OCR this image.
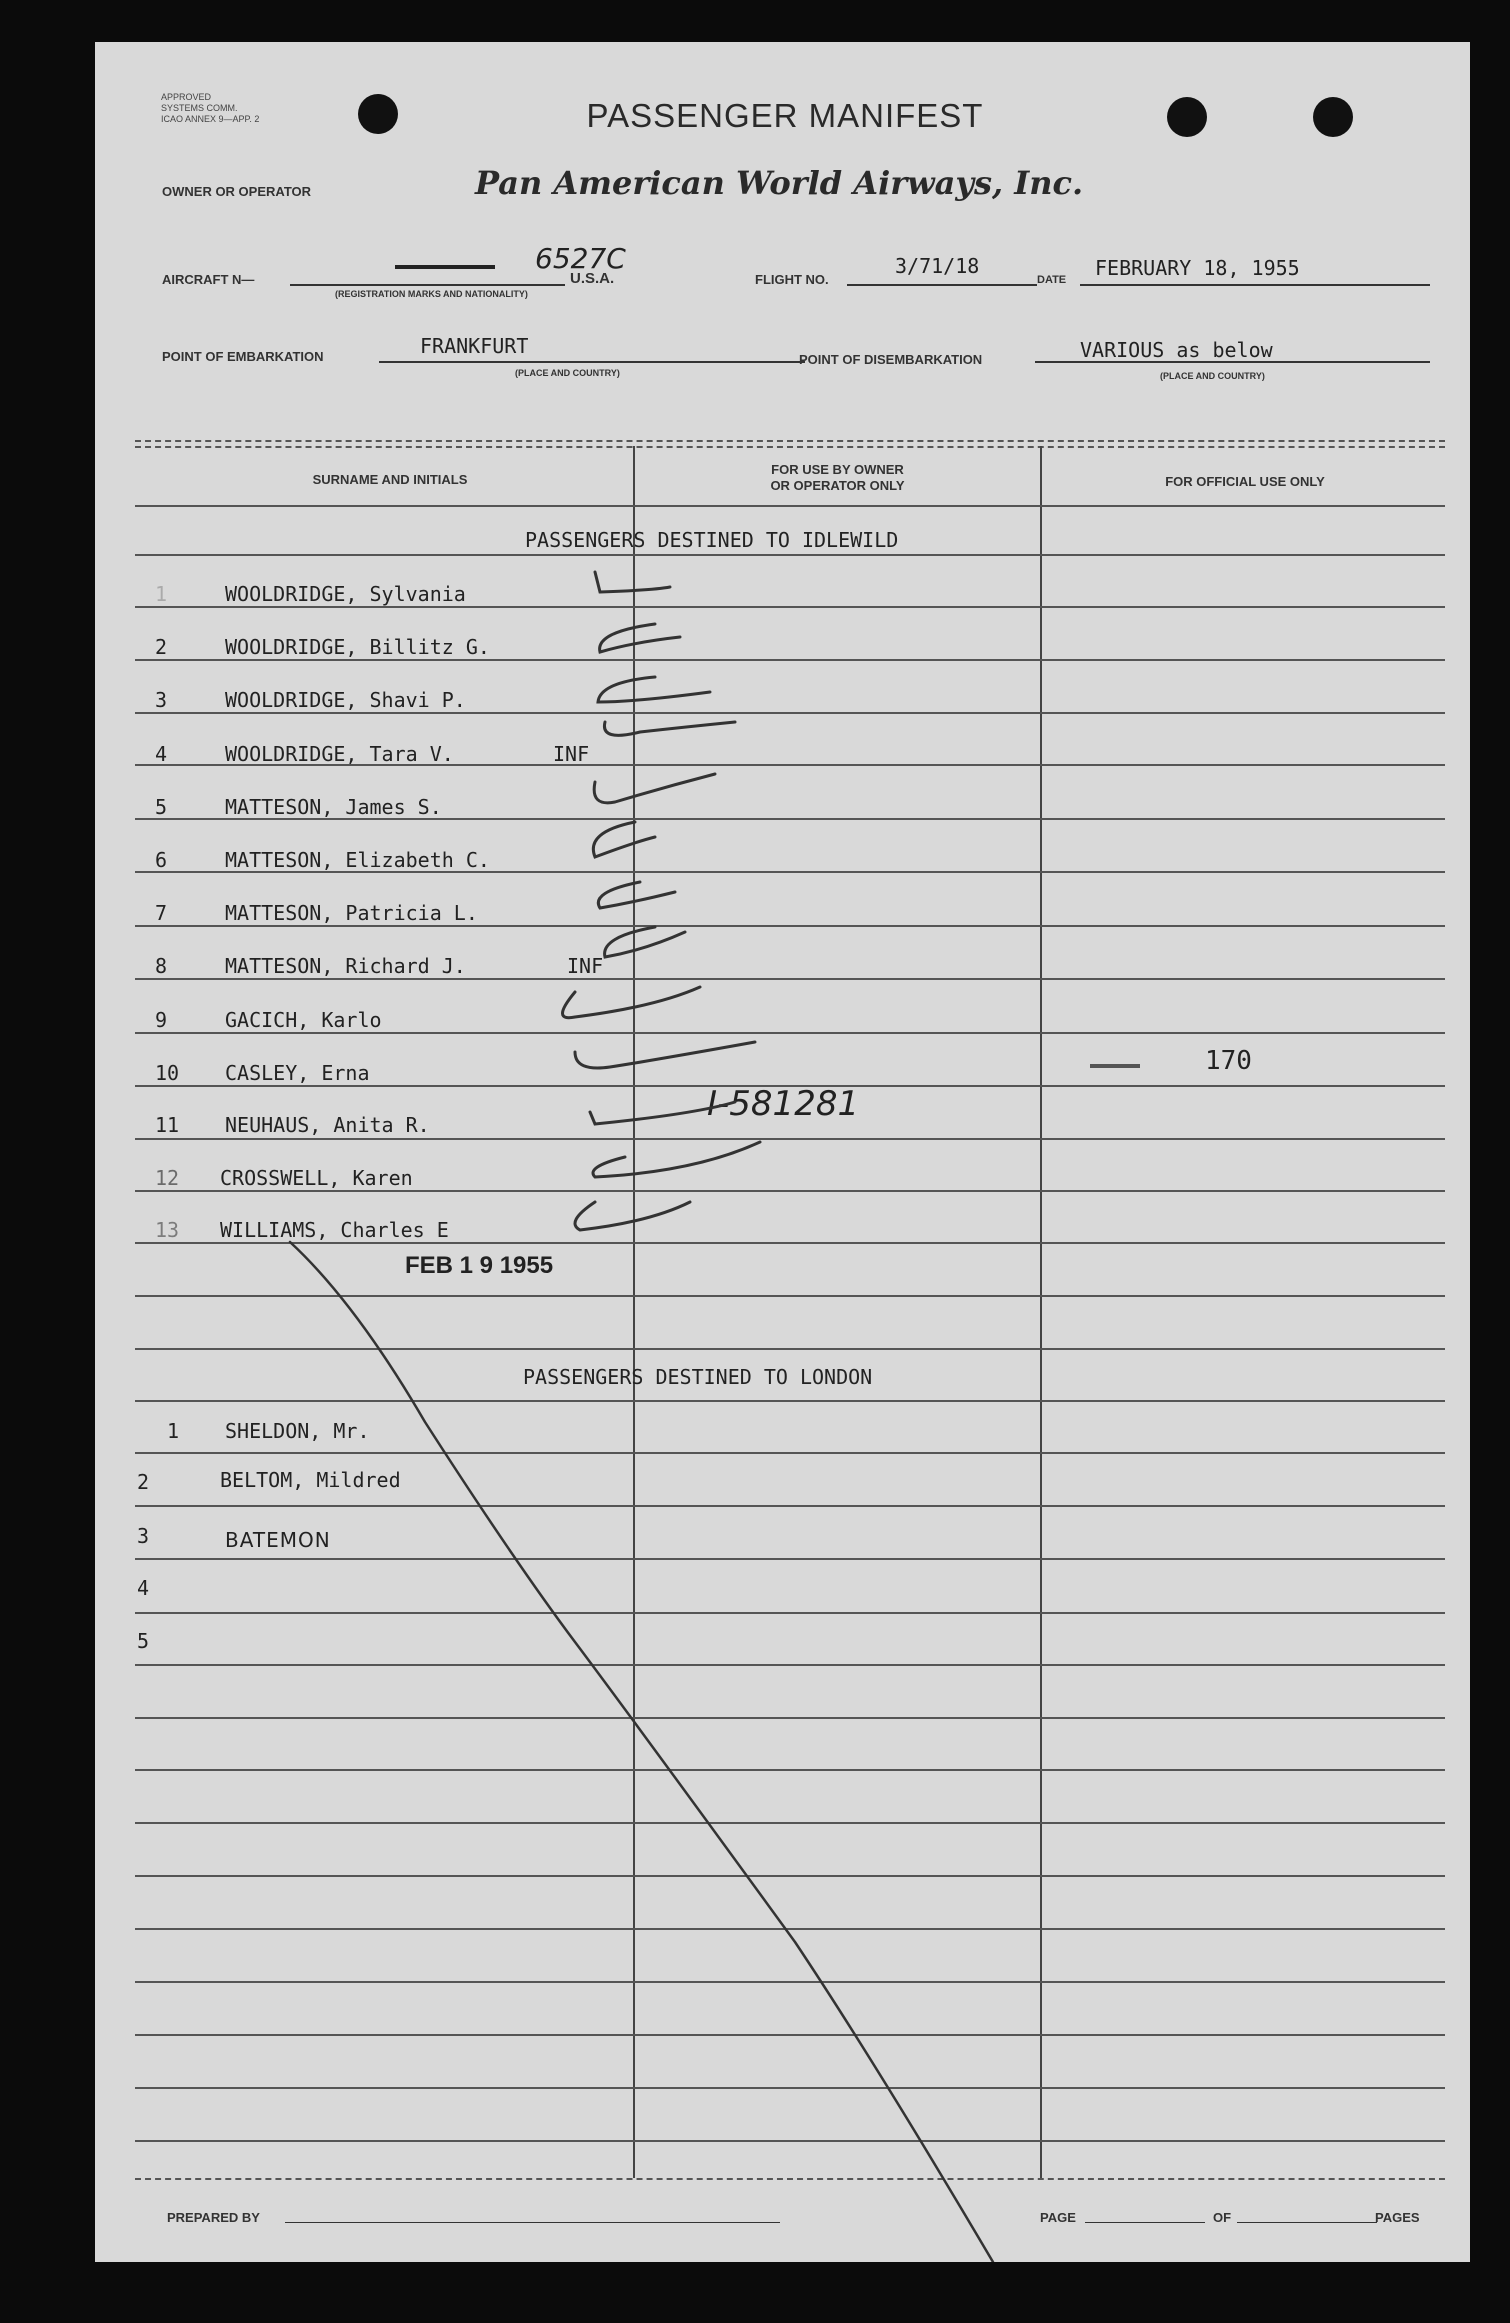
APPROVED
SYSTEMS COMM.
ICAO ANNEX 9—APP. 2	PASSENGER MANIFEST
OWNER OR OPERATOR	Pan American World Airways, Inc.
AIRCRAFT N—
6527C
(REGISTRATION MARKS AND NATIONALITY)
U.S.A.	FLIGHT NO.
3/71/18
DATE FEBRUARY 18, 1955
POINT OF EMBARKATION	FRANKFURT
(PLACE AND COUNTRY)
POINT OF DISEMBARKATION	VARIOUS as below
(PLACE AND COUNTRY)
SURNAME AND INITIALS
FOR USE BY OWNER
OR OPERATOR ONLY	FOR OFFICIAL USE ONLY
PASSENGERS DESTINED TO IDLEWILD
1	WOOLDRIDGE, Sylvania
2	WOOLDRIDGE, Billitz G.
3	WOOLDRIDGE, Shavi P.
4	WOOLDRIDGE, Tara V.	INF
5	MATTESON, James S.
6	MATTESON, Elizabeth C.
7	MATTESON, Patricia L.
8	MATTESON, Richard J.	INF
9	GACICH, Karlo
10 CASLEY, Erna
11 NEUHAUS, Anita R.
12 CROSSWELL, Karen
13 WILLIAMS, Charles E
FEB 1 9 1955
I-581281
170
PASSENGERS DESTINED TO LONDON
1 SHELDON, Mr.
2	BELTOM, Mildred
3	BATEMON
4
5
PREPARED BY	PAGE	OF	PAGES
